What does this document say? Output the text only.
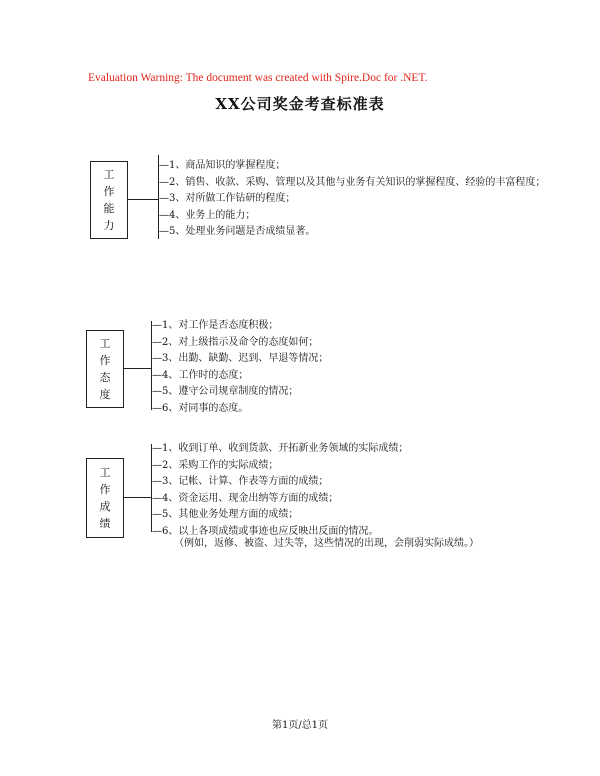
Evaluation Warning: The document was created with Spire.Doc for .NET.
XX公司奖金考查标准表
工
作
能
力
—1、商品知识的掌握程度；
—2、销售、收款、采购、管理以及其他与业务有关知识的掌握程度、经验的丰富程度；
—3、对所做工作钻研的程度；
—4、业务上的能力；
—5、处理业务问题是否成绩显著。
工
作
态
度
—1、对工作是否态度积极；
—2、对上级指示及命令的态度如何；
—3、出勤、缺勤、迟到、早退等情况；
—4、工作时的态度；
—5、遵守公司规章制度的情况；
—6、对同事的态度。
工
作
成
绩
—1、收到订单、收到货款、开拓新业务领域的实际成绩；
—2、采购工作的实际成绩；
—3、记帐、计算、作表等方面的成绩；
—4、资金运用、现金出纳等方面的成绩；
—5、其他业务处理方面的成绩；
—6、以上各项成绩或事迹也应反映出反面的情况。
（例如，返修、被盗、过失等，这些情况的出现，会削弱实际成绩。）
第1页/总1页
